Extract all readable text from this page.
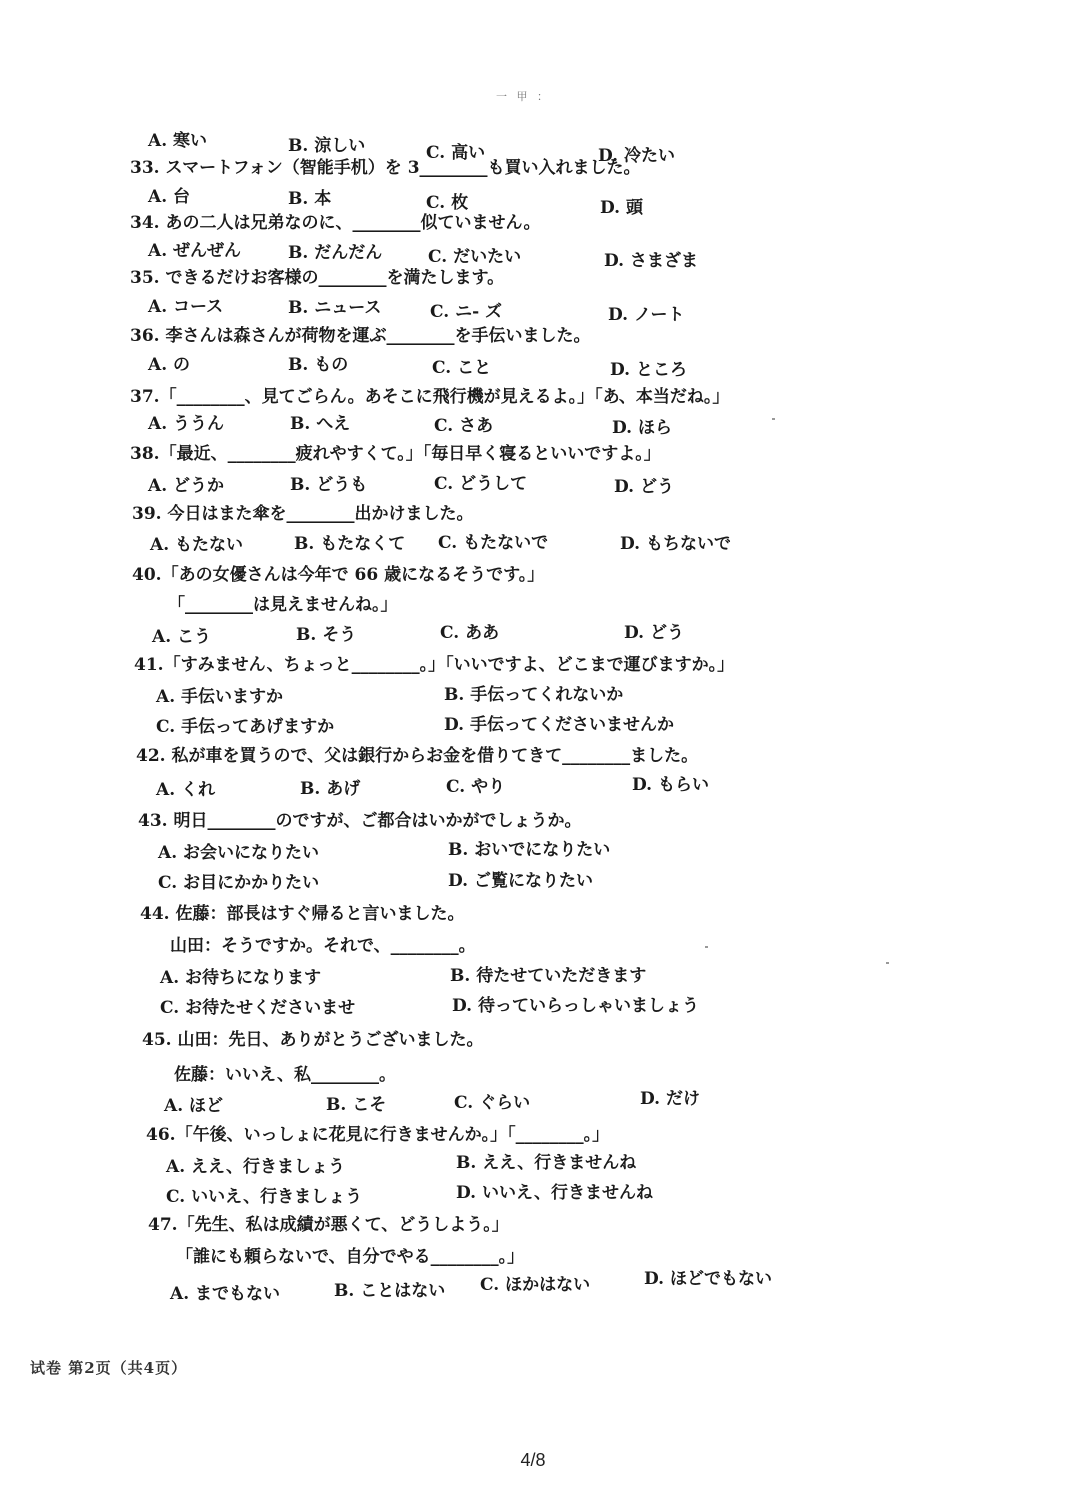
一 甲 ：
A. 寒い	B. 涼しい	C. 高い	D. 冷たい
33. スマートフォン（智能手机）を 3________も買い入れました。
A. 台	B. 本	C. 枚	D. 頭
34. あの二人は兄弟なのに、________似ていません。
A. ぜんぜん	B. だんだん	C. だいたい	D. さまざま
35. できるだけお客様の________を満たします。
A. コース	B. ニュース	C. ニ- ズ	D. ノート
36. 李さんは森さんが荷物を運ぶ________を手伝いました。
A. の	B. もの	C. こと	D. ところ
37.「________、見てごらん。あそこに飛行機が見えるよ。」「あ、本当だね。」
A. ううん	B. へえ	C. さあ	D. ほら
38.「最近、________疲れやすくて。」「毎日早く寝るといいですよ。」
A. どうか	B. どうも	C. どうして	D. どう
39. 今日はまた傘を________出かけました。
A. もたない	B. もたなくて C. もたないで	D. もちないで
40.「あの女優さんは今年で 66 歳になるそうです。」
「________は見えませんね。」
A. こう	B. そう	C. ああ	D. どう
41.「すみません、ちょっと________。」「いいですよ、どこまで運びますか。」
A. 手伝いますか	B. 手伝ってくれないか
C. 手伝ってあげますか	D. 手伝ってくださいませんか
42. 私が車を買うので、父は銀行からお金を借りてきて________ました。
A. くれ	B. あげ	C. やり	D. もらい
43. 明日________のですが、ご都合はいかがでしょうか。
A. お会いになりたい	B. おいでになりたい
C. お目にかかりたい	D. ご覧になりたい
44. 佐藤：部長はすぐ帰ると言いました。
山田：そうですか。それで、________。
A. お待ちになります	B. 待たせていただきます
C. お待たせくださいませ	D. 待っていらっしゃいましょう
45. 山田：先日、ありがとうございました。
佐藤：いいえ、私________。
A. ほど	B. こそ	C. ぐらい	D. だけ
46.「午後、いっしょに花見に行きませんか。」「________。」
A. ええ、行きましょう	B. ええ、行きませんね
C. いいえ、行きましょう	D. いいえ、行きませんね
47.「先生、私は成績が悪くて、どうしよう。」
「誰にも頼らないで、自分でやる________。」
A. までもない	B. ことはない C. ほかはない	D. ほどでもない
试卷 第2页（共4页）
4/8
